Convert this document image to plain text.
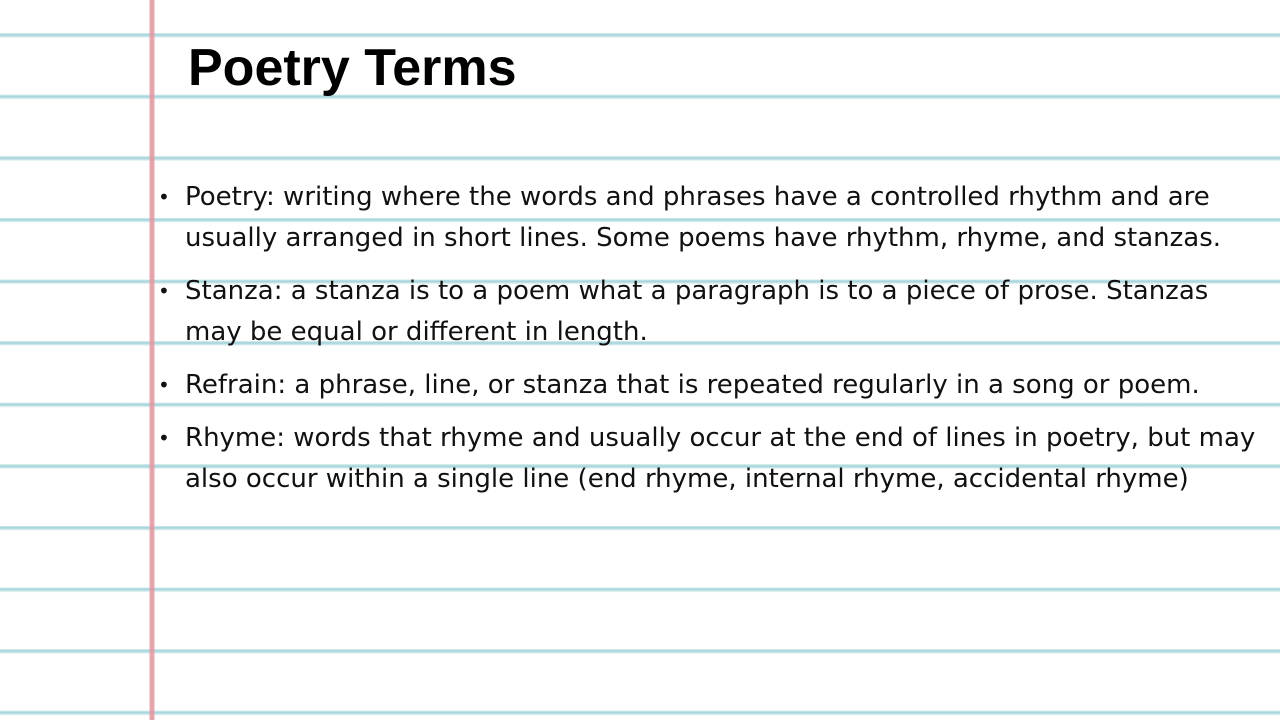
Poetry Terms
• Poetry: writing where the words and phrases have a controlled rhythm and are usually arranged in short lines. Some poems have rhythm, rhyme, and stanzas.
• Stanza: a stanza is to a poem what a paragraph is to a piece of prose. Stanzas may be equal or different in length.
• Refrain: a phrase, line, or stanza that is repeated regularly in a song or poem.
• Rhyme: words that rhyme and usually occur at the end of lines in poetry, but may also occur within a single line (end rhyme, internal rhyme, accidental rhyme)
